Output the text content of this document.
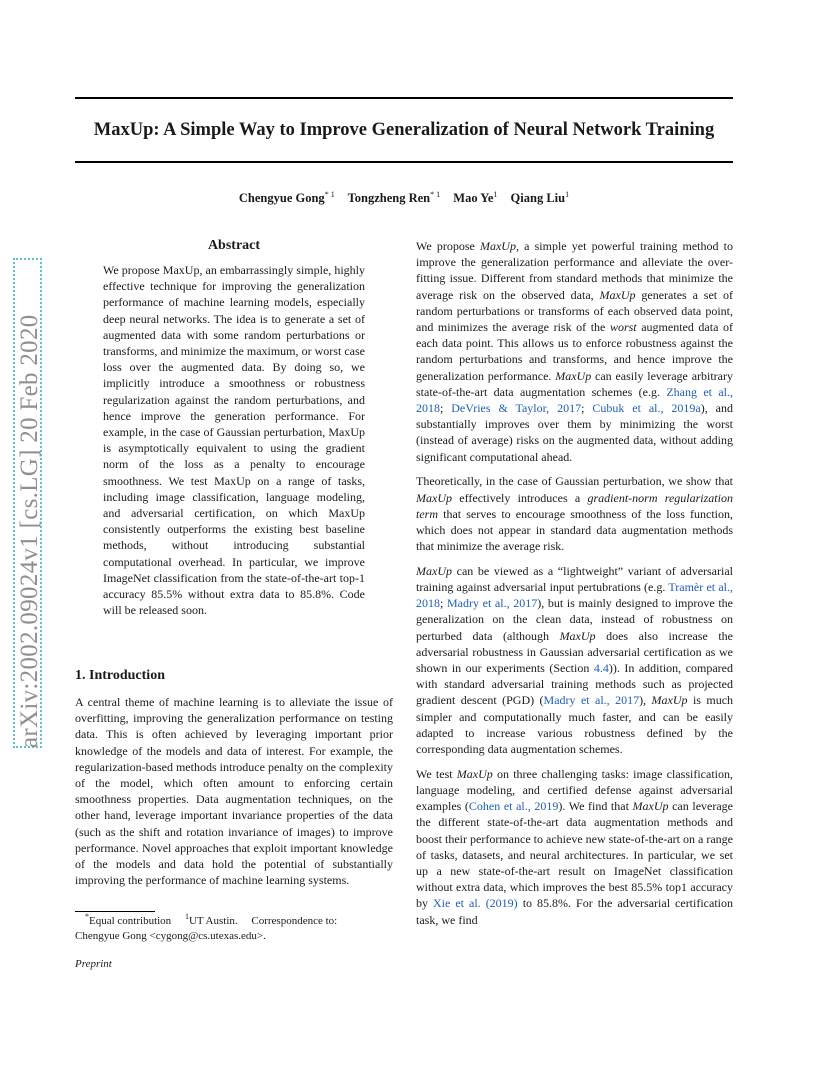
MaxUp: A Simple Way to Improve Generalization of Neural Network Training
Chengyue Gong$^{* 1}$ Tongzheng Ren$^{* 1}$ Mao Ye$^1$ Qiang Liu$^1$
arXiv:2002.09024v1 [cs.LG] 20 Feb 2020
Abstract
We propose MaxUp, an embarrassingly simple, highly effective technique for improving the generalization performance of machine learning models, especially deep neural networks. The idea is to generate a set of augmented data with some random perturbations or transforms, and minimize the maximum, or worst case loss over the augmented data. By doing so, we implicitly introduce a smoothness or robustness regularization against the random perturbations, and hence improve the generation performance. For example, in the case of Gaussian perturbation, MaxUp is asymptotically equivalent to using the gradient norm of the loss as a penalty to encourage smoothness. We test MaxUp on a range of tasks, including image classification, language modeling, and adversarial certification, on which MaxUp consistently outperforms the existing best baseline methods, without introducing substantial computational overhead. In particular, we improve ImageNet classification from the state-of-the-art top-1 accuracy 85.5% without extra data to 85.8%. Code will be released soon.
1. Introduction
A central theme of machine learning is to alleviate the issue of overfitting, improving the generalization performance on testing data. This is often achieved by leveraging important prior knowledge of the models and data of interest. For example, the regularization-based methods introduce penalty on the complexity of the model, which often amount to enforcing certain smoothness properties. Data augmentation techniques, on the other hand, leverage important invariance properties of the data (such as the shift and rotation invariance of images) to improve performance. Novel approaches that exploit important knowledge of the models and data hold the potential of substantially improving the performance of machine learning systems.
*Equal contribution $^1$UT Austin. Correspondence to:
Chengyue Gong <cygong@cs.utexas.edu>.
Preprint

We propose MaxUp, a simple yet powerful training method to improve the generalization performance and alleviate the over-fitting issue. Different from standard methods that minimize the average risk on the observed data, MaxUp generates a set of random perturbations or transforms of each observed data point, and minimizes the average risk of the worst augmented data of each data point. This allows us to enforce robustness against the random perturbations and transforms, and hence improve the generalization performance. MaxUp can easily leverage arbitrary state-of-the-art data augmentation schemes (e.g. Zhang et al., 2018; DeVries & Taylor, 2017; Cubuk et al., 2019a), and substantially improves over them by minimizing the worst (instead of average) risks on the augmented data, without adding significant computational ahead.

Theoretically, in the case of Gaussian perturbation, we show that MaxUp effectively introduces a gradient-norm regularization term that serves to encourage smoothness of the loss function, which does not appear in standard data augmentation methods that minimize the average risk.

MaxUp can be viewed as a “lightweight” variant of adversarial training against adversarial input pertubrations (e.g. Tramèr et al., 2018; Madry et al., 2017), but is mainly designed to improve the generalization on the clean data, instead of robustness on perturbed data (although MaxUp does also increase the adversarial robustness in Gaussian adversarial certification as we shown in our experiments (Section 4.4)). In addition, compared with standard adversarial training methods such as projected gradient descent (PGD) (Madry et al., 2017), MaxUp is much simpler and computationally much faster, and can be easily adapted to increase various robustness defined by the corresponding data augmentation schemes.

We test MaxUp on three challenging tasks: image classification, language modeling, and certified defense against adversarial examples (Cohen et al., 2019). We find that MaxUp can leverage the different state-of-the-art data augmentation methods and boost their performance to achieve new state-of-the-art on a range of tasks, datasets, and neural architectures. In particular, we set up a new state-of-the-art result on ImageNet classification without extra data, which improves the best 85.5% top1 accuracy by Xie et al. (2019) to 85.8%. For the adversarial certification task, we find
